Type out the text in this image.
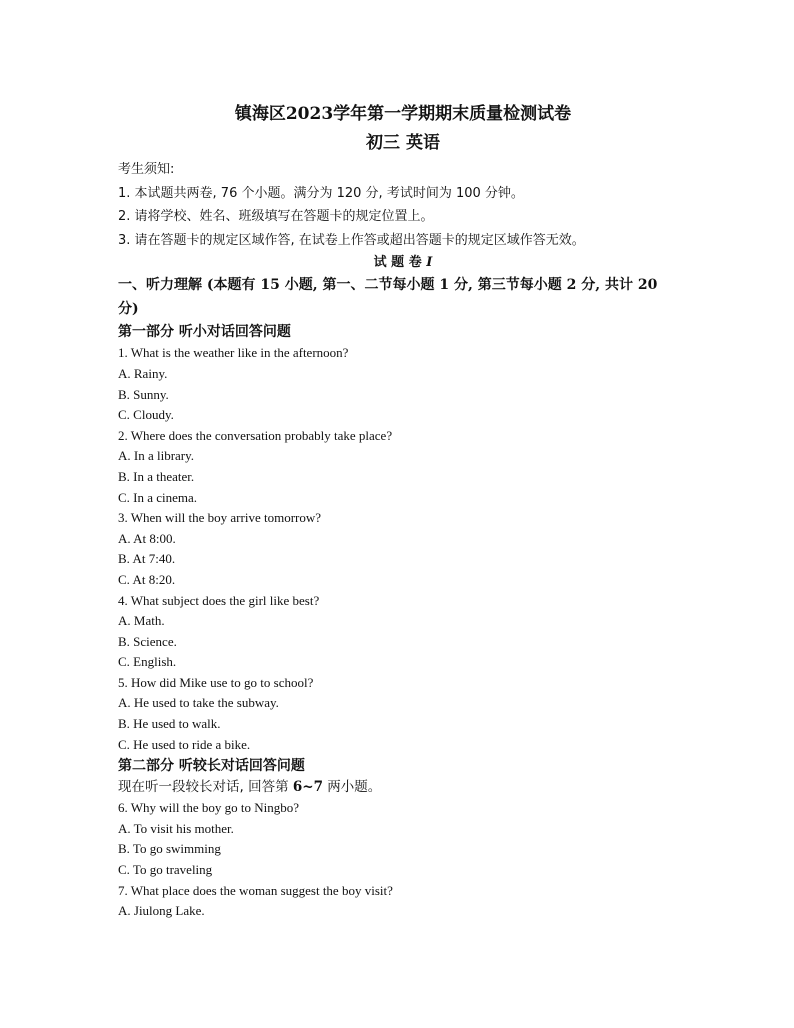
镇海区2023学年第一学期期末质量检测试卷
初三 英语
考生须知:
1. 本试题共两卷, 76 个小题。满分为 120 分, 考试时间为 100 分钟。
2. 请将学校、姓名、班级填写在答题卡的规定位置上。
3. 请在答题卡的规定区域作答, 在试卷上作答或超出答题卡的规定区域作答无效。
试 题 卷 I
一、听力理解 (本题有 15 小题, 第一、二节每小题 1 分, 第三节每小题 2 分, 共计 20
分)
第一部分 听小对话回答问题
1. What is the weather like in the afternoon?
A. Rainy.
B. Sunny.
C. Cloudy.
2. Where does the conversation probably take place?
A. In a library.
B. In a theater.
C. In a cinema.
3. When will the boy arrive tomorrow?
A. At 8:00.
B. At 7:40.
C. At 8:20.
4. What subject does the girl like best?
A. Math.
B. Science.
C. English.
5. How did Mike use to go to school?
A. He used to take the subway.
B. He used to walk.
C. He used to ride a bike.
第二部分 听较长对话回答问题
现在听一段较长对话, 回答第 6~7 两小题。
6. Why will the boy go to Ningbo?
A. To visit his mother.
B. To go swimming
C. To go traveling
7. What place does the woman suggest the boy visit?
A. Jiulong Lake.
